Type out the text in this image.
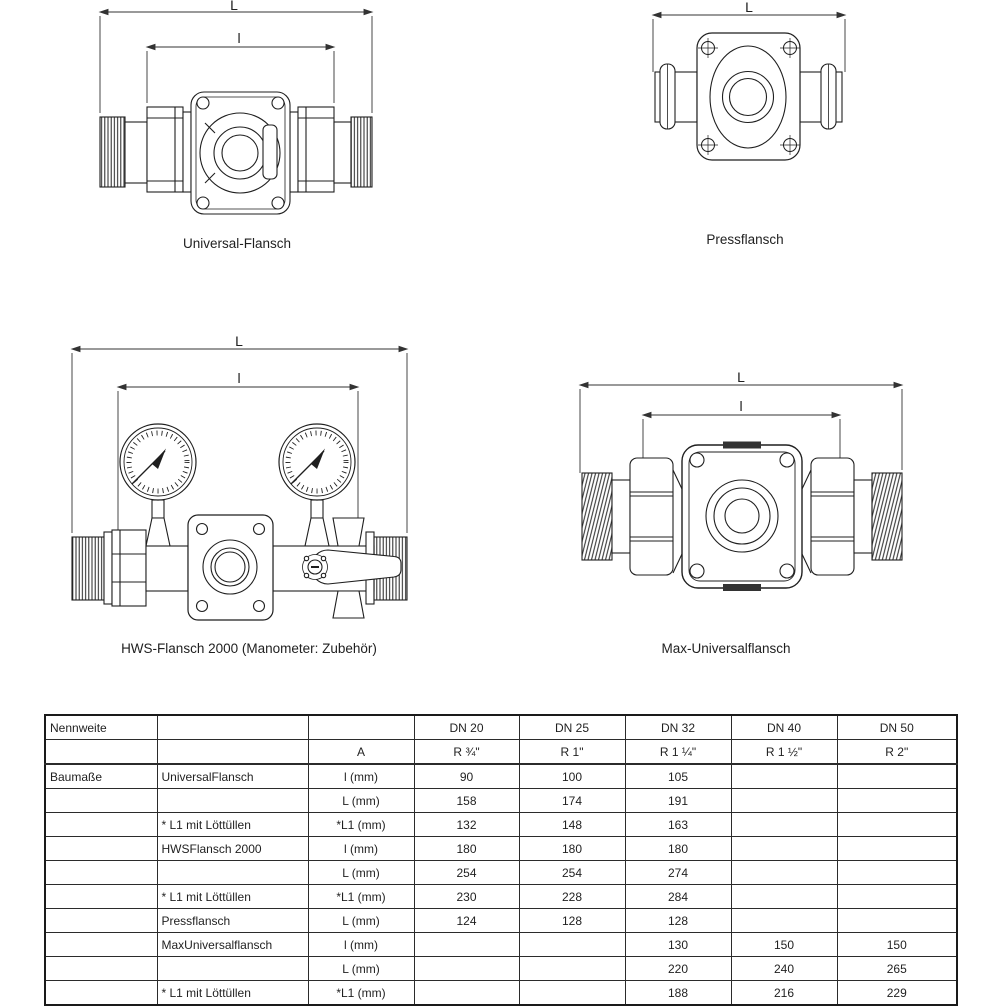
L
l
Universal-Flansch
L
Pressflansch
L
l
HWS-Flansch 2000 (Manometer: Zubehör)
L
l
Max-Universalflansch
Nennweite			DN 20	DN 25	DN 32	DN 40	DN 50
		A	R ¾"	R 1"	R 1 ¼"	R 1 ½"	R 2"
Baumaße	UniversalFlansch	l (mm)	90	100	105		
		L (mm)	158	174	191		
	* L1 mit Löttüllen	*L1 (mm)	132	148	163		
	HWSFlansch 2000	l (mm)	180	180	180		
		L (mm)	254	254	274		
	* L1 mit Löttüllen	*L1 (mm)	230	228	284		
	Pressflansch	L (mm)	124	128	128		
	MaxUniversalflansch	l (mm)			130	150	150
		L (mm)			220	240	265
	* L1 mit Löttüllen	*L1 (mm)			188	216	229
